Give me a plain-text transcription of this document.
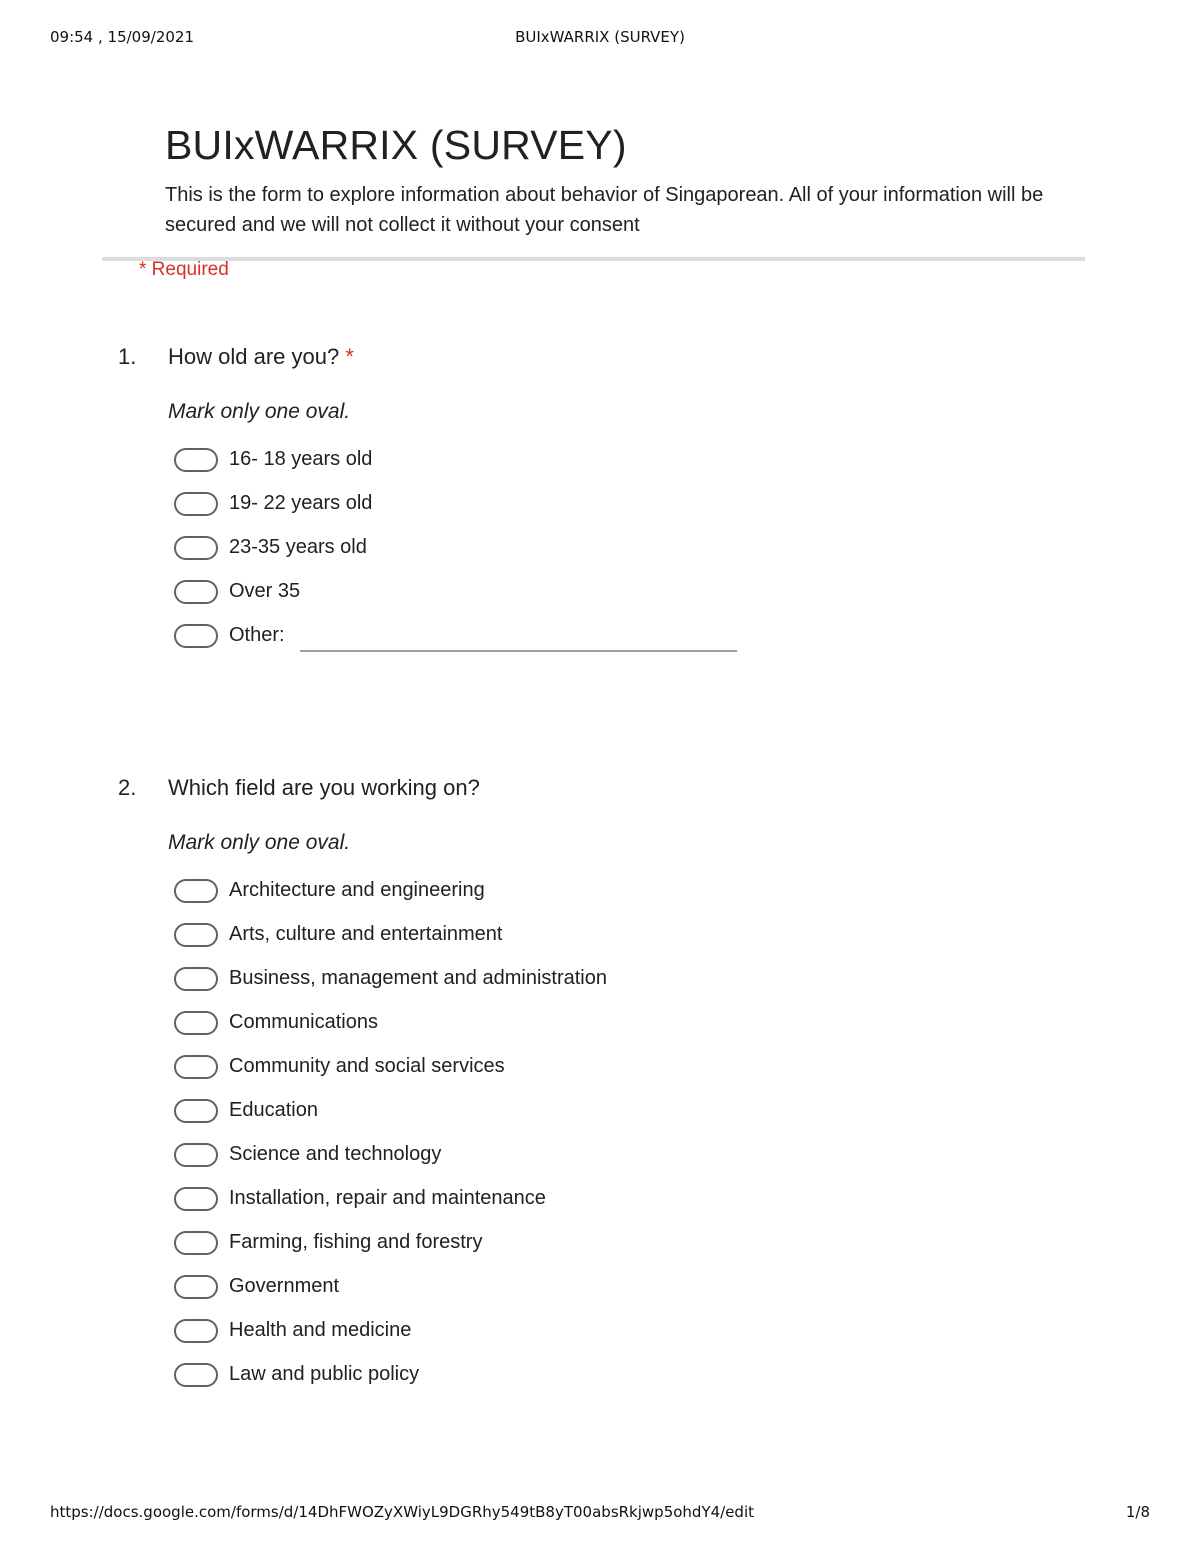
09:54 , 15/09/2021	BUIxWARRIX (SURVEY)
BUIxWARRIX (SURVEY)

This is the form to explore information about behavior of Singaporean. All of your information will be secured and we will not collect it without your consent

* Required
1. How old are you? *
Mark only one oval.
16- 18 years old
19- 22 years old
23-35 years old
Over 35
Other:
2. Which field are you working on?
Mark only one oval.
Architecture and engineering
Arts, culture and entertainment
Business, management and administration
Communications
Community and social services
Education
Science and technology
Installation, repair and maintenance
Farming, fishing and forestry
Government
Health and medicine
Law and public policy
https://docs.google.com/forms/d/14DhFWOZyXWiyL9DGRhy549tB8yT00absRkjwp5ohdY4/edit	1/8
